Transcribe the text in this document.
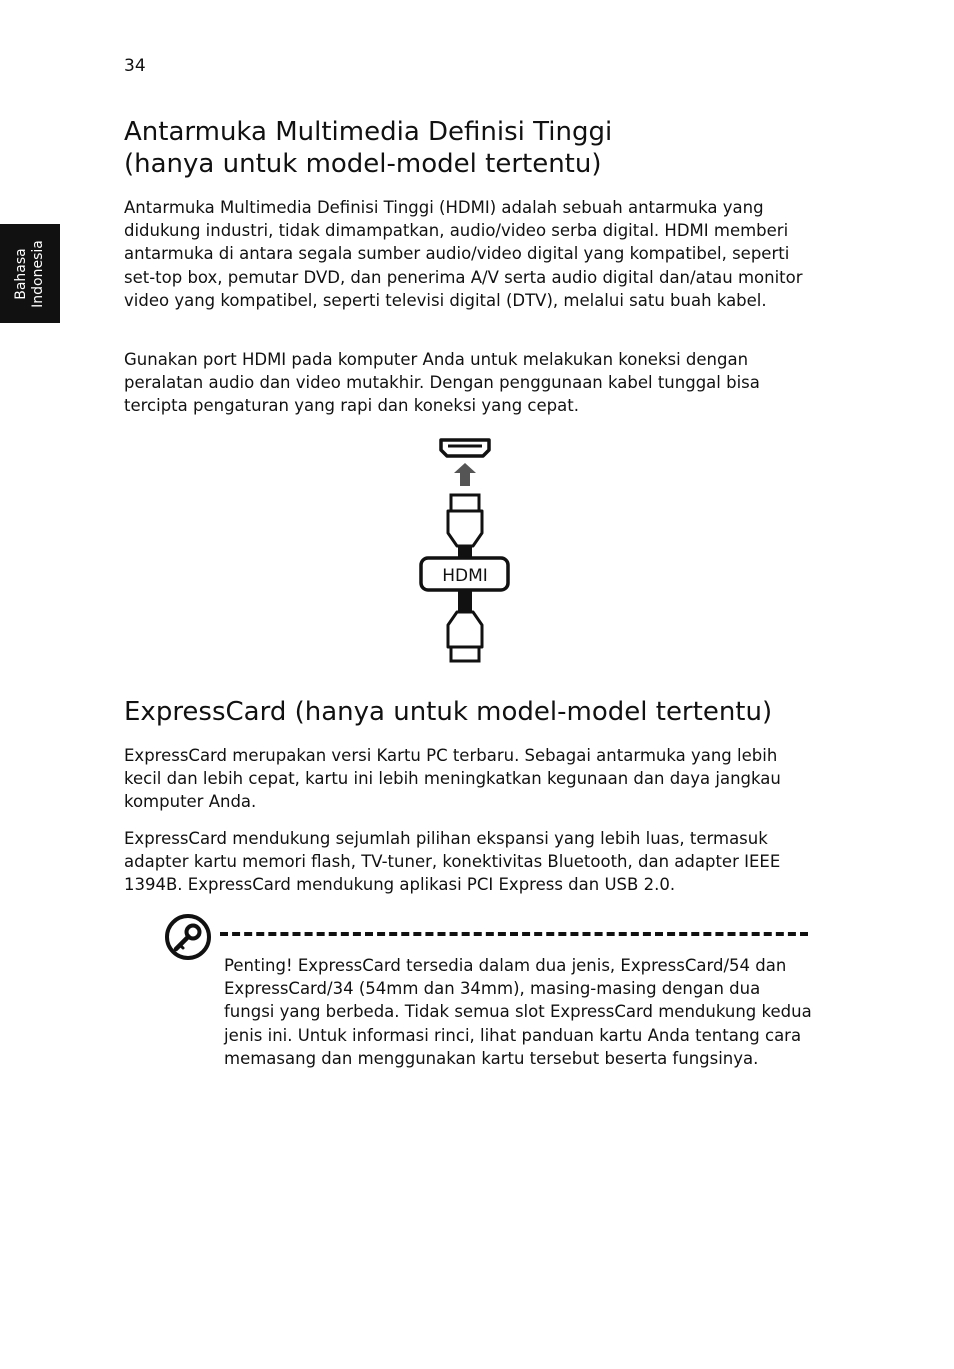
34
Bahasa Indonesia
Antarmuka Multimedia Definisi Tinggi
(hanya untuk model-model tertentu)

Antarmuka Multimedia Definisi Tinggi (HDMI) adalah sebuah antarmuka yang didukung industri, tidak dimampatkan, audio/video serba digital. HDMI memberi antarmuka di antara segala sumber audio/video digital yang kompatibel, seperti set-top box, pemutar DVD, dan penerima A/V serta audio digital dan/atau monitor video yang kompatibel, seperti televisi digital (DTV), melalui satu buah kabel.

Gunakan port HDMI pada komputer Anda untuk melakukan koneksi dengan peralatan audio dan video mutakhir. Dengan penggunaan kabel tunggal bisa tercipta pengaturan yang rapi dan koneksi yang cepat.

HDMI
ExpressCard (hanya untuk model-model tertentu)

ExpressCard merupakan versi Kartu PC terbaru. Sebagai antarmuka yang lebih kecil dan lebih cepat, kartu ini lebih meningkatkan kegunaan dan daya jangkau komputer Anda.

ExpressCard mendukung sejumlah pilihan ekspansi yang lebih luas, termasuk adapter kartu memori flash, TV-tuner, konektivitas Bluetooth, dan adapter IEEE 1394B. ExpressCard mendukung aplikasi PCI Express dan USB 2.0.

Penting! ExpressCard tersedia dalam dua jenis, ExpressCard/54 dan ExpressCard/34 (54mm dan 34mm), masing-masing dengan dua fungsi yang berbeda. Tidak semua slot ExpressCard mendukung kedua jenis ini. Untuk informasi rinci, lihat panduan kartu Anda tentang cara memasang dan menggunakan kartu tersebut beserta fungsinya.
